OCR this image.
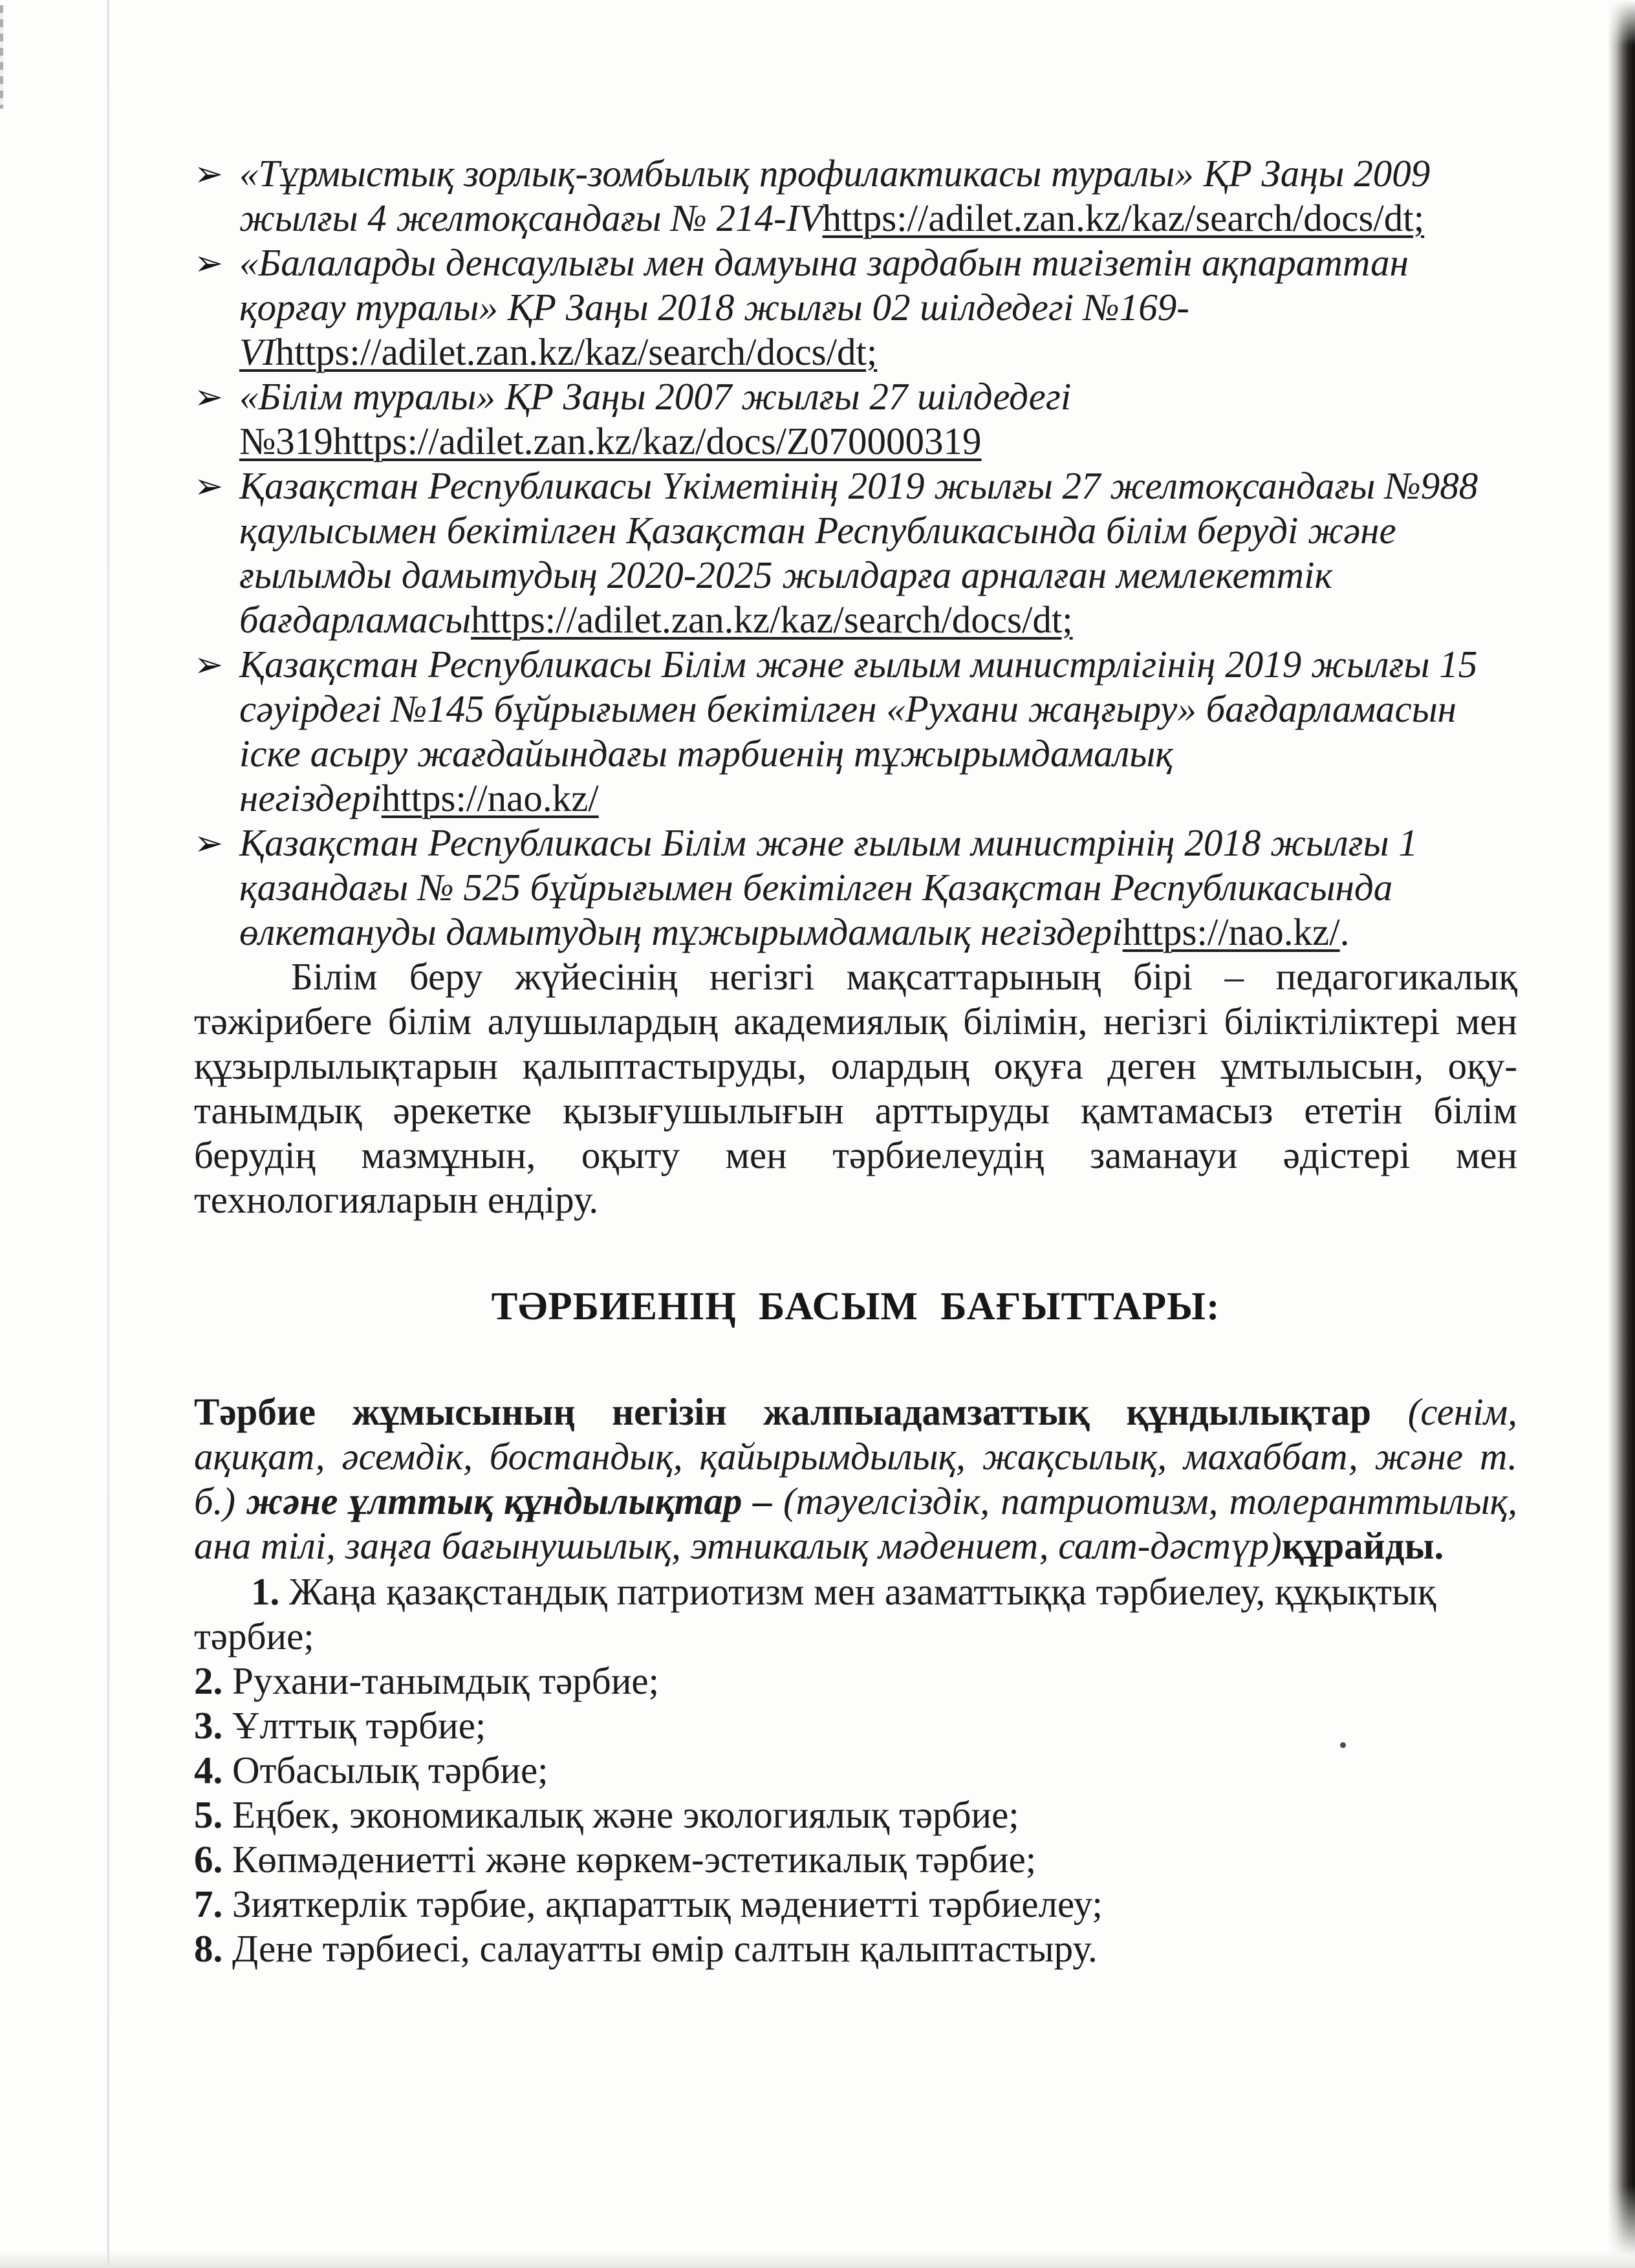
➢ «Тұрмыстық зорлық-зомбылық профилактикасы туралы» ҚР Заңы 2009 жылғы 4 желтоқсандағы № 214-IVhttps://adilet.zan.kz/kaz/search/docs/dt;
➢ «Балаларды денсаулығы мен дамуына зардабын тигізетін ақпараттан қорғау туралы» ҚР Заңы 2018 жылғы 02 шілдедегі №169-VIhttps://adilet.zan.kz/kaz/search/docs/dt;
➢ «Білім туралы» ҚР Заңы 2007 жылғы 27 шілдедегі №319https://adilet.zan.kz/kaz/docs/Z070000319
➢ Қазақстан Республикасы Үкіметінің 2019 жылғы 27 желтоқсандағы №988 қаулысымен бекітілген Қазақстан Республикасында білім беруді және ғылымды дамытудың 2020-2025 жылдарға арналған мемлекеттік бағдарламасыhttps://adilet.zan.kz/kaz/search/docs/dt;
➢ Қазақстан Республикасы Білім және ғылым министрлігінің 2019 жылғы 15 сәуірдегі №145 бұйрығымен бекітілген «Рухани жаңғыру» бағдарламасын іске асыру жағдайындағы тәрбиенің тұжырымдамалық негіздеріhttps://nao.kz/
➢ Қазақстан Республикасы Білім және ғылым министрінің 2018 жылғы 1 қазандағы № 525 бұйрығымен бекітілген Қазақстан Республикасында өлкетануды дамытудың тұжырымдамалық негіздеріhttps://nao.kz/.

Білім беру жүйесінің негізгі мақсаттарының бірі – педагогикалық тәжірибеге білім алушылардың академиялық білімін, негізгі біліктіліктері мен құзырлылықтарын қалыптастыруды, олардың оқуға деген ұмтылысын, оқу-танымдық әрекетке қызығушылығын арттыруды қамтамасыз ететін білім берудің мазмұнын, оқыту мен тәрбиелеудің заманауи әдістері мен технологияларын ендіру.

ТӘРБИЕНІҢ БАСЫМ БАҒЫТТАРЫ:

Тәрбие жұмысының негізін жалпыадамзаттық құндылықтар (сенім, ақиқат, әсемдік, бостандық, қайырымдылық, жақсылық, махаббат, және т. б.) және ұлттық құндылықтар – (тәуелсіздік, патриотизм, толеранттылық, ана тілі, заңға бағынушылық, этникалық мәдениет, салт-дәстүр)құрайды.

1. Жаңа қазақстандық патриотизм мен азаматтыққа тәрбиелеу, құқықтық тәрбие;
2. Рухани-танымдық тәрбие;
3. Ұлттық тәрбие;
4. Отбасылық тәрбие;
5. Еңбек, экономикалық және экологиялық тәрбие;
6. Көпмәдениетті және көркем-эстетикалық тәрбие;
7. Зияткерлік тәрбие, ақпараттық мәдениетті тәрбиелеу;
8. Дене тәрбиесі, салауатты өмір салтын қалыптастыру.
